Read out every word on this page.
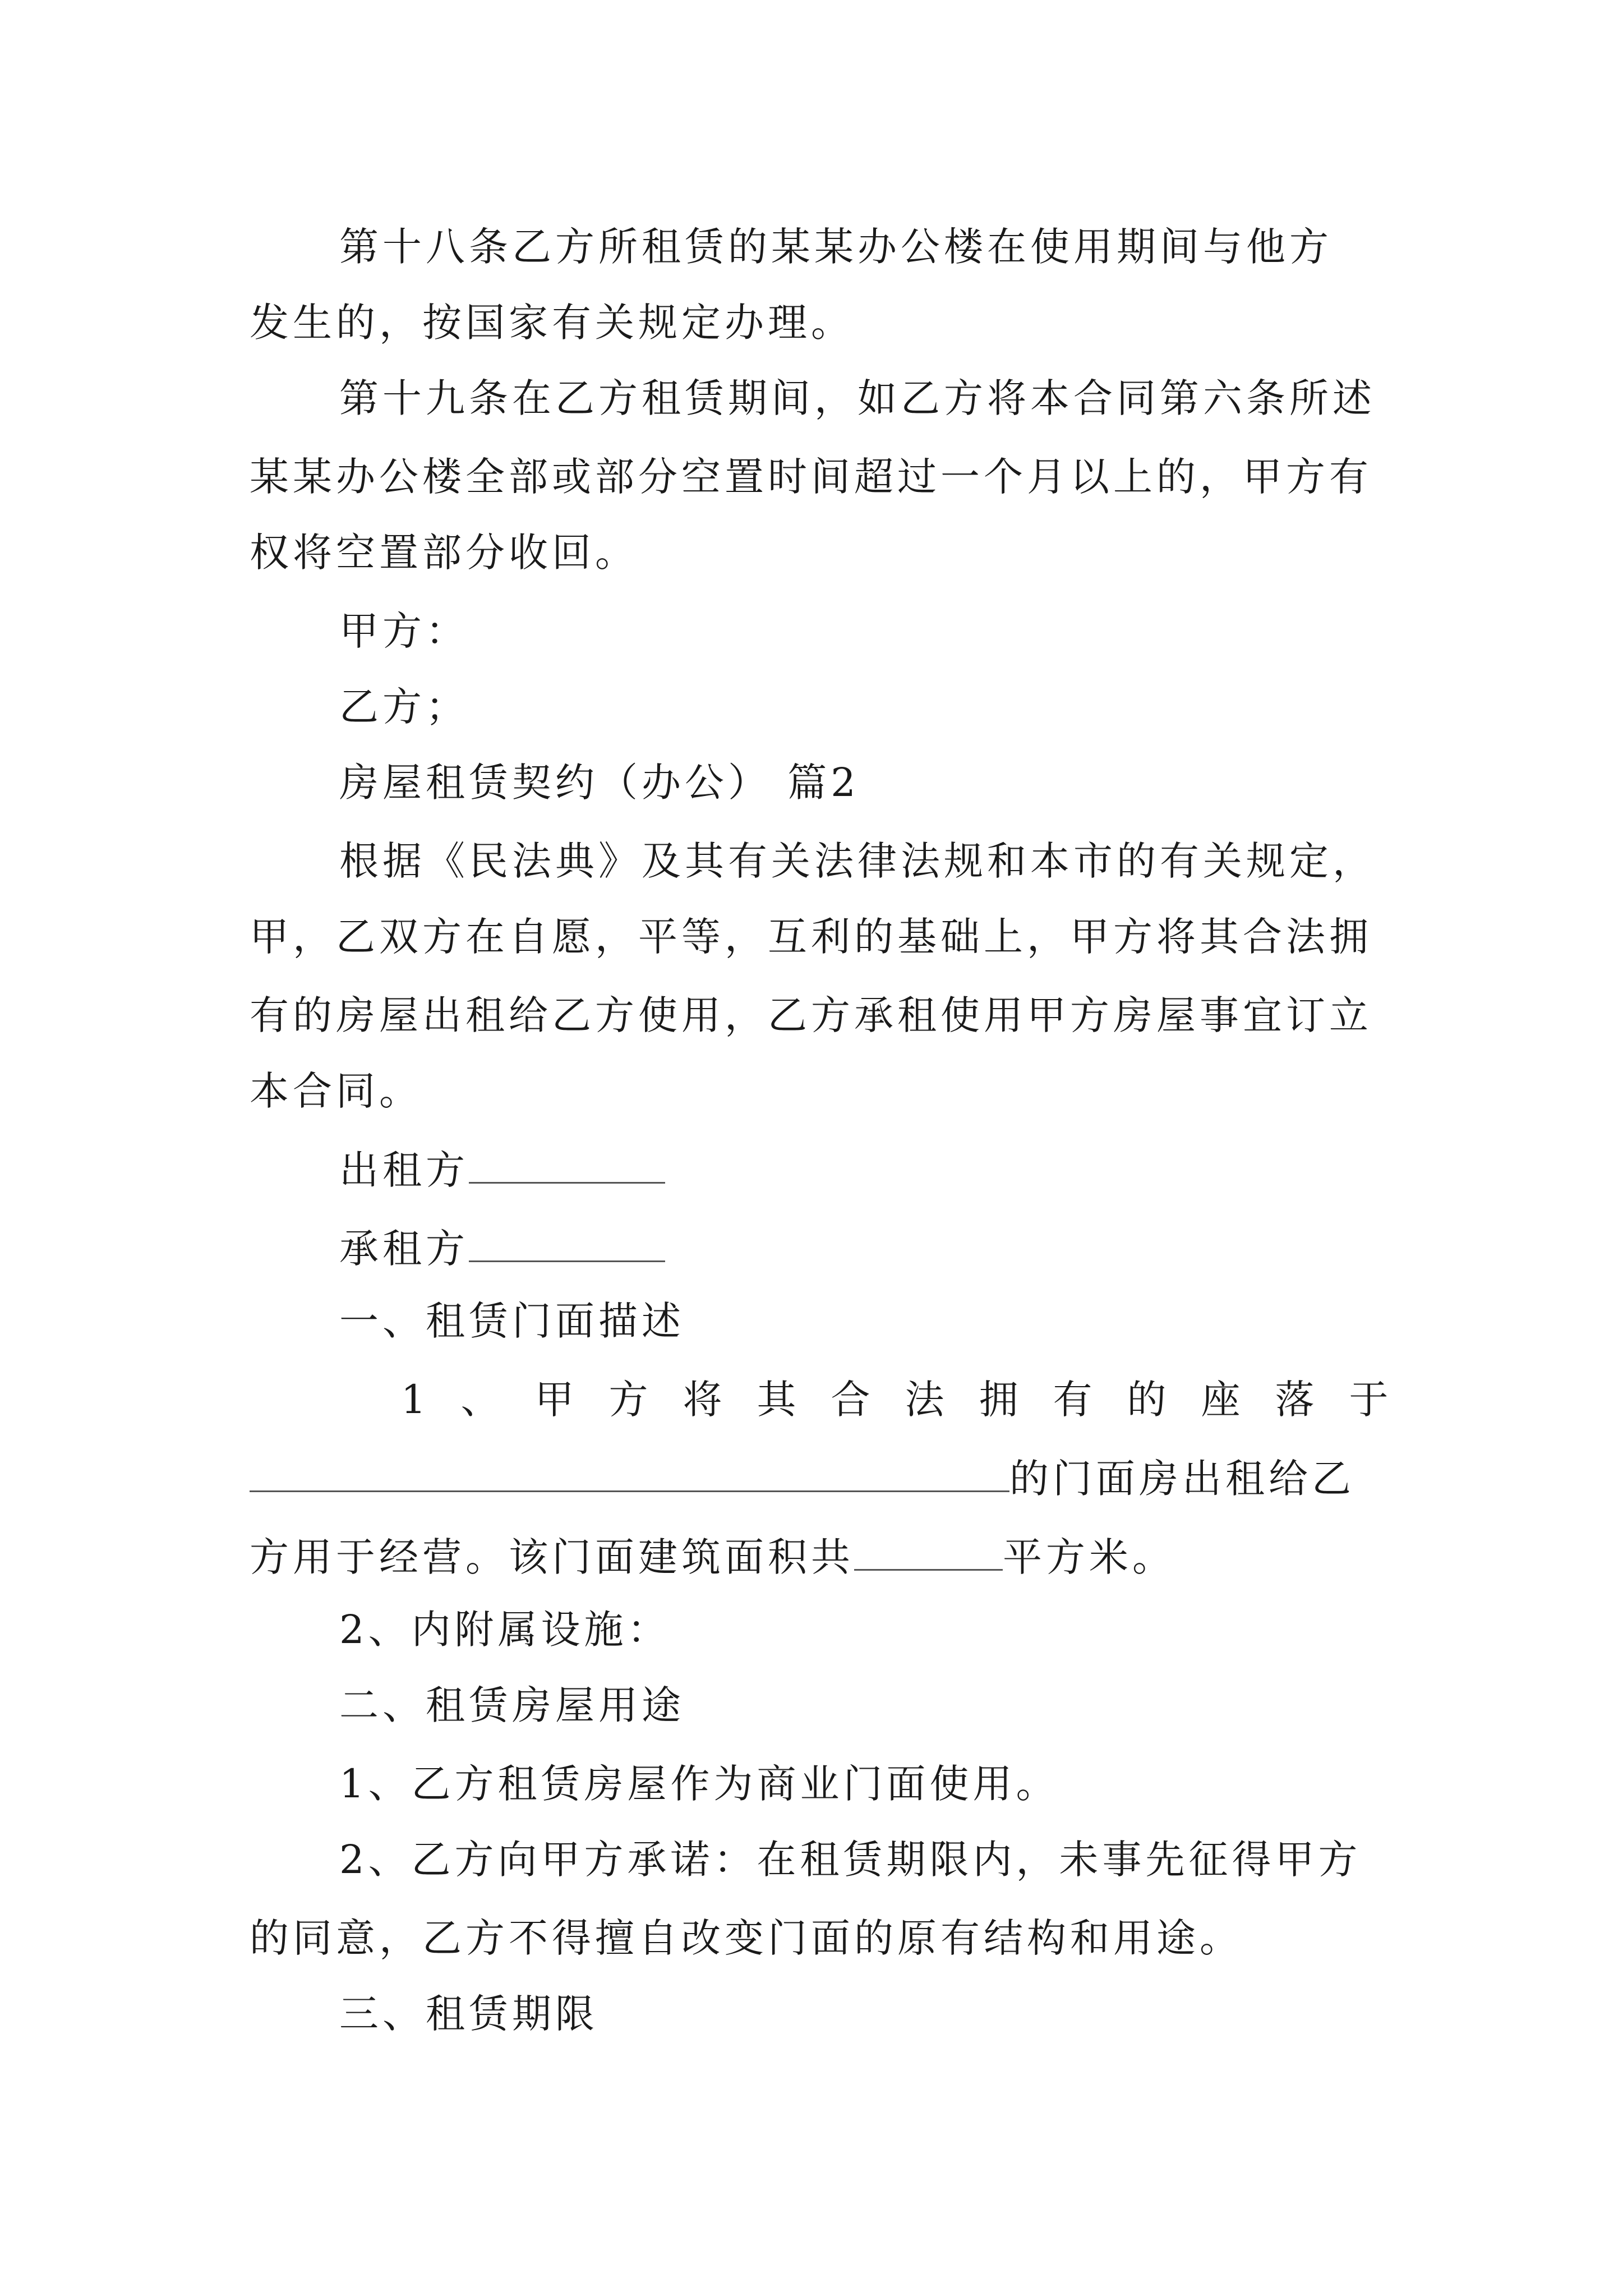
第十八条乙方所租赁的某某办公楼在使用期间与他方
发生的，按国家有关规定办理。
第十九条在乙方租赁期间，如乙方将本合同第六条所述
某某办公楼全部或部分空置时间超过一个月以上的，甲方有
权将空置部分收回。
甲方：
乙方；
房屋租赁契约（办公） 篇2
根据《民法典》及其有关法律法规和本市的有关规定，
甲，乙双方在自愿，平等，互利的基础上，甲方将其合法拥
有的房屋出租给乙方使用，乙方承租使用甲方房屋事宜订立
本合同。
出租方
承租方
一、租赁门面描述
1、甲方将其合法拥有的座落于
的门面房出租给乙
方用于经营。该门面建筑面积共	平方米。
2、内附属设施：
二、租赁房屋用途
1、乙方租赁房屋作为商业门面使用。
2、乙方向甲方承诺：在租赁期限内，未事先征得甲方
的同意，乙方不得擅自改变门面的原有结构和用途。
三、租赁期限
